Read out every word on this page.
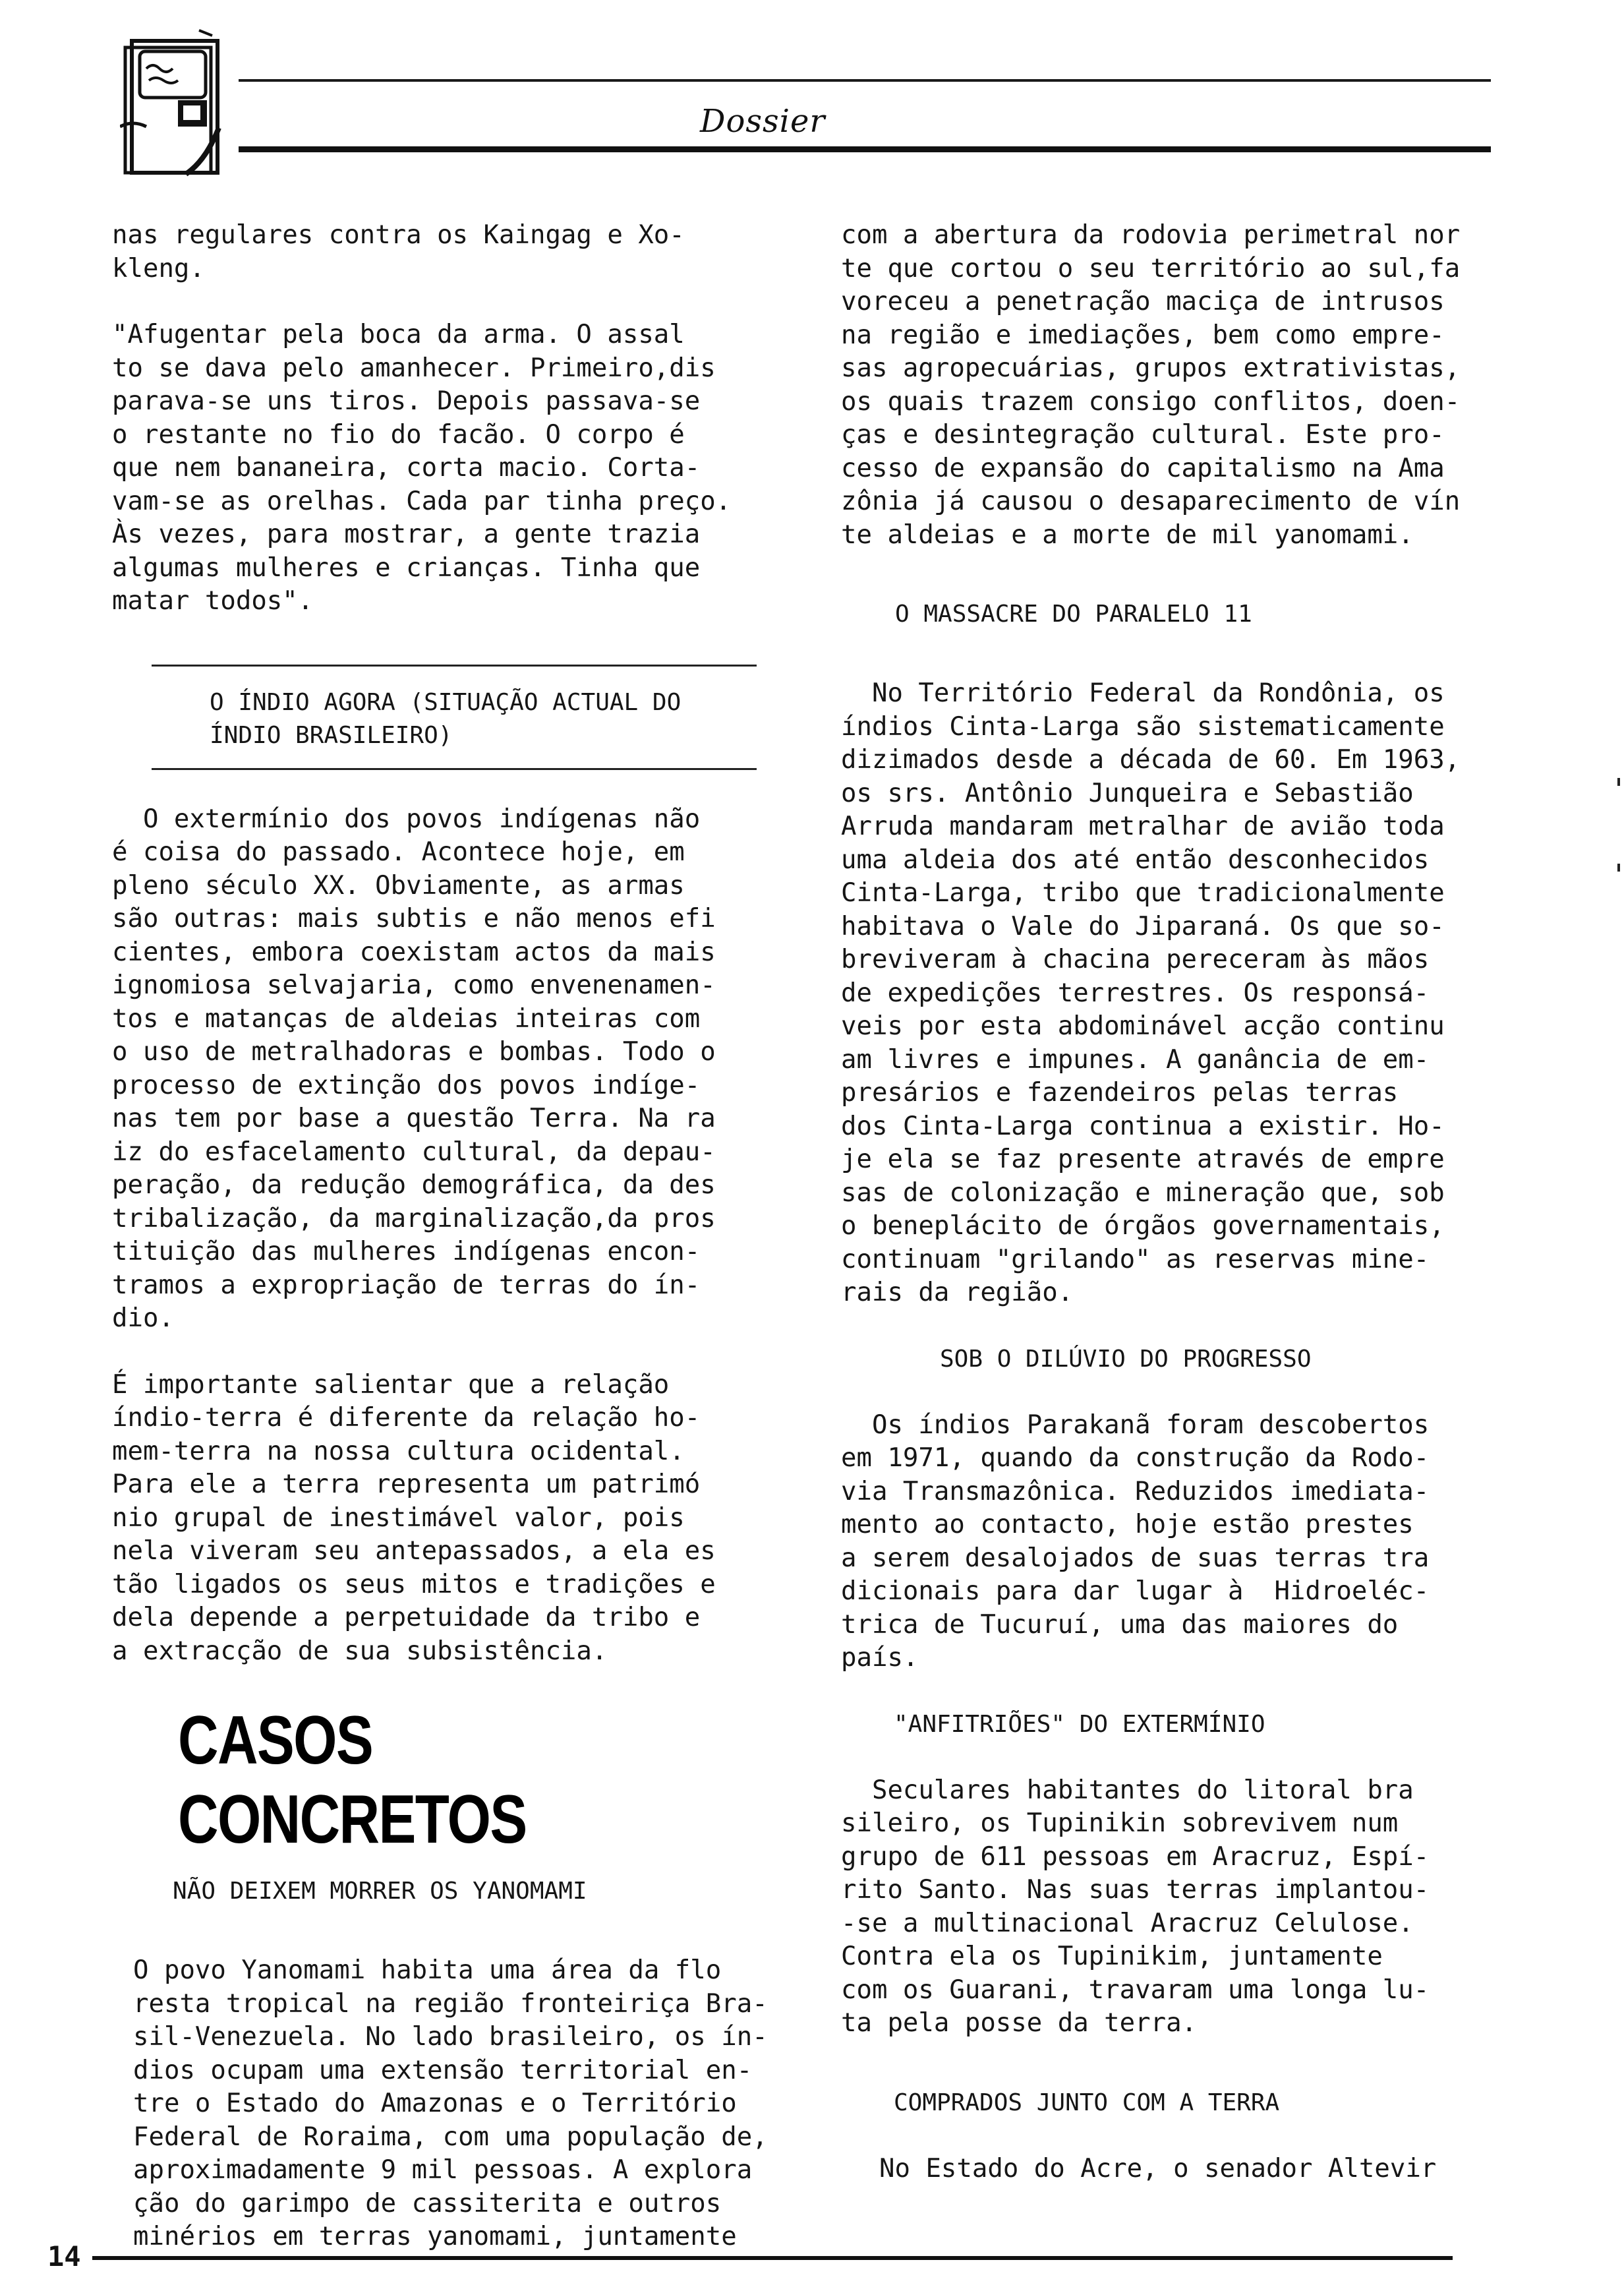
Dossier

nas regulares contra os Kaingag e Xo-
kleng.

"Afugentar pela boca da arma. O assal
to se dava pelo amanhecer. Primeiro,dis
parava-se uns tiros. Depois passava-se
o restante no fio do facão. O corpo é
que nem bananeira, corta macio. Corta-
vam-se as orelhas. Cada par tinha preço.
Às vezes, para mostrar, a gente trazia
algumas mulheres e crianças. Tinha que
matar todos".

O ÍNDIO AGORA (SITUAÇÃO ACTUAL DO
ÍNDIO BRASILEIRO)

O extermínio dos povos indígenas não
é coisa do passado. Acontece hoje, em
pleno século XX. Obviamente, as armas
são outras: mais subtis e não menos efi
cientes, embora coexistam actos da mais
ignomiosa selvajaria, como envenenamen-
tos e matanças de aldeias inteiras com
o uso de metralhadoras e bombas. Todo o
processo de extinção dos povos indíge-
nas tem por base a questão Terra. Na ra
iz do esfacelamento cultural, da depau-
peração, da redução demográfica, da des
tribalização, da marginalização,da pros
tituição das mulheres indígenas encon-
tramos a expropriação de terras do ín-
dio.

É importante salientar que a relação
índio-terra é diferente da relação ho-
mem-terra na nossa cultura ocidental.
Para ele a terra representa um patrimó
nio grupal de inestimável valor, pois
nela viveram seu antepassados, a ela es
tão ligados os seus mitos e tradições e
dela depende a perpetuidade da tribo e
a extracção de sua subsistência.

CASOS CONCRETOS

NÃO DEIXEM MORRER OS YANOMAMI

O povo Yanomami habita uma área da flo
resta tropical na região fronteiriça Bra-
sil-Venezuela. No lado brasileiro, os ín-
dios ocupam uma extensão territorial en-
tre o Estado do Amazonas e o Território
Federal de Roraima, com uma população de,
aproximadamente 9 mil pessoas. A explora
ção do garimpo de cassiterita e outros
minérios em terras yanomami, juntamente

com a abertura da rodovia perimetral nor
te que cortou o seu território ao sul,fa
voreceu a penetração maciça de intrusos
na região e imediações, bem como empre-
sas agropecuárias, grupos extrativistas,
os quais trazem consigo conflitos, doen-
ças e desintegração cultural. Este pro-
cesso de expansão do capitalismo na Ama
zônia já causou o desaparecimento de vín
te aldeias e a morte de mil yanomami.

O MASSACRE DO PARALELO 11

No Território Federal da Rondônia, os
índios Cinta-Larga são sistematicamente
dizimados desde a década de 60. Em 1963,
os srs. Antônio Junqueira e Sebastião
Arruda mandaram metralhar de avião toda
uma aldeia dos até então desconhecidos
Cinta-Larga, tribo que tradicionalmente
habitava o Vale do Jiparaná. Os que so-
breviveram à chacina pereceram às mãos
de expedições terrestres. Os responsá-
veis por esta abdominável acção continu
am livres e impunes. A ganância de em-
presários e fazendeiros pelas terras
dos Cinta-Larga continua a existir. Ho-
je ela se faz presente através de empre
sas de colonização e mineração que, sob
o beneplácito de órgãos governamentais,
continuam "grilando" as reservas mine-
rais da região.

SOB O DILÚVIO DO PROGRESSO

Os índios Parakanã foram descobertos
em 1971, quando da construção da Rodo-
via Transmazônica. Reduzidos imediata-
mento ao contacto, hoje estão prestes
a serem desalojados de suas terras tra
dicionais para dar lugar à  Hidroeléc-
trica de Tucuruí, uma das maiores do
país.

"ANFITRIÕES" DO EXTERMÍNIO

Seculares habitantes do litoral bra
sileiro, os Tupinikin sobrevivem num
grupo de 611 pessoas em Aracruz, Espí-
rito Santo. Nas suas terras implantou-
-se a multinacional Aracruz Celulose.
Contra ela os Tupinikim, juntamente
com os Guarani, travaram uma longa lu-
ta pela posse da terra.

COMPRADOS JUNTO COM A TERRA

No Estado do Acre, o senador Altevir

14
